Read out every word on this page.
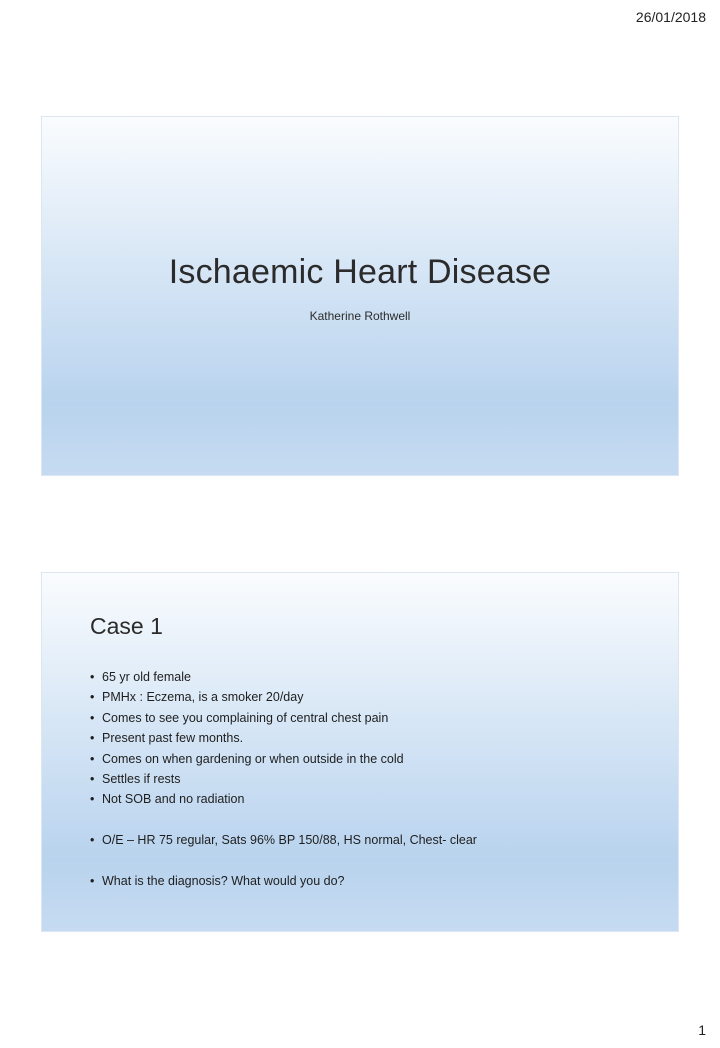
26/01/2018
Ischaemic Heart Disease
Katherine Rothwell
Case 1
• 65 yr old female
• PMHx : Eczema, is a smoker 20/day
• Comes to see you complaining of central chest pain
• Present past few months.
• Comes on when gardening or when outside in the cold
• Settles if rests
• Not SOB and no radiation
• O/E – HR 75 regular, Sats 96% BP 150/88, HS normal, Chest- clear
• What is the diagnosis? What would you do?
1
